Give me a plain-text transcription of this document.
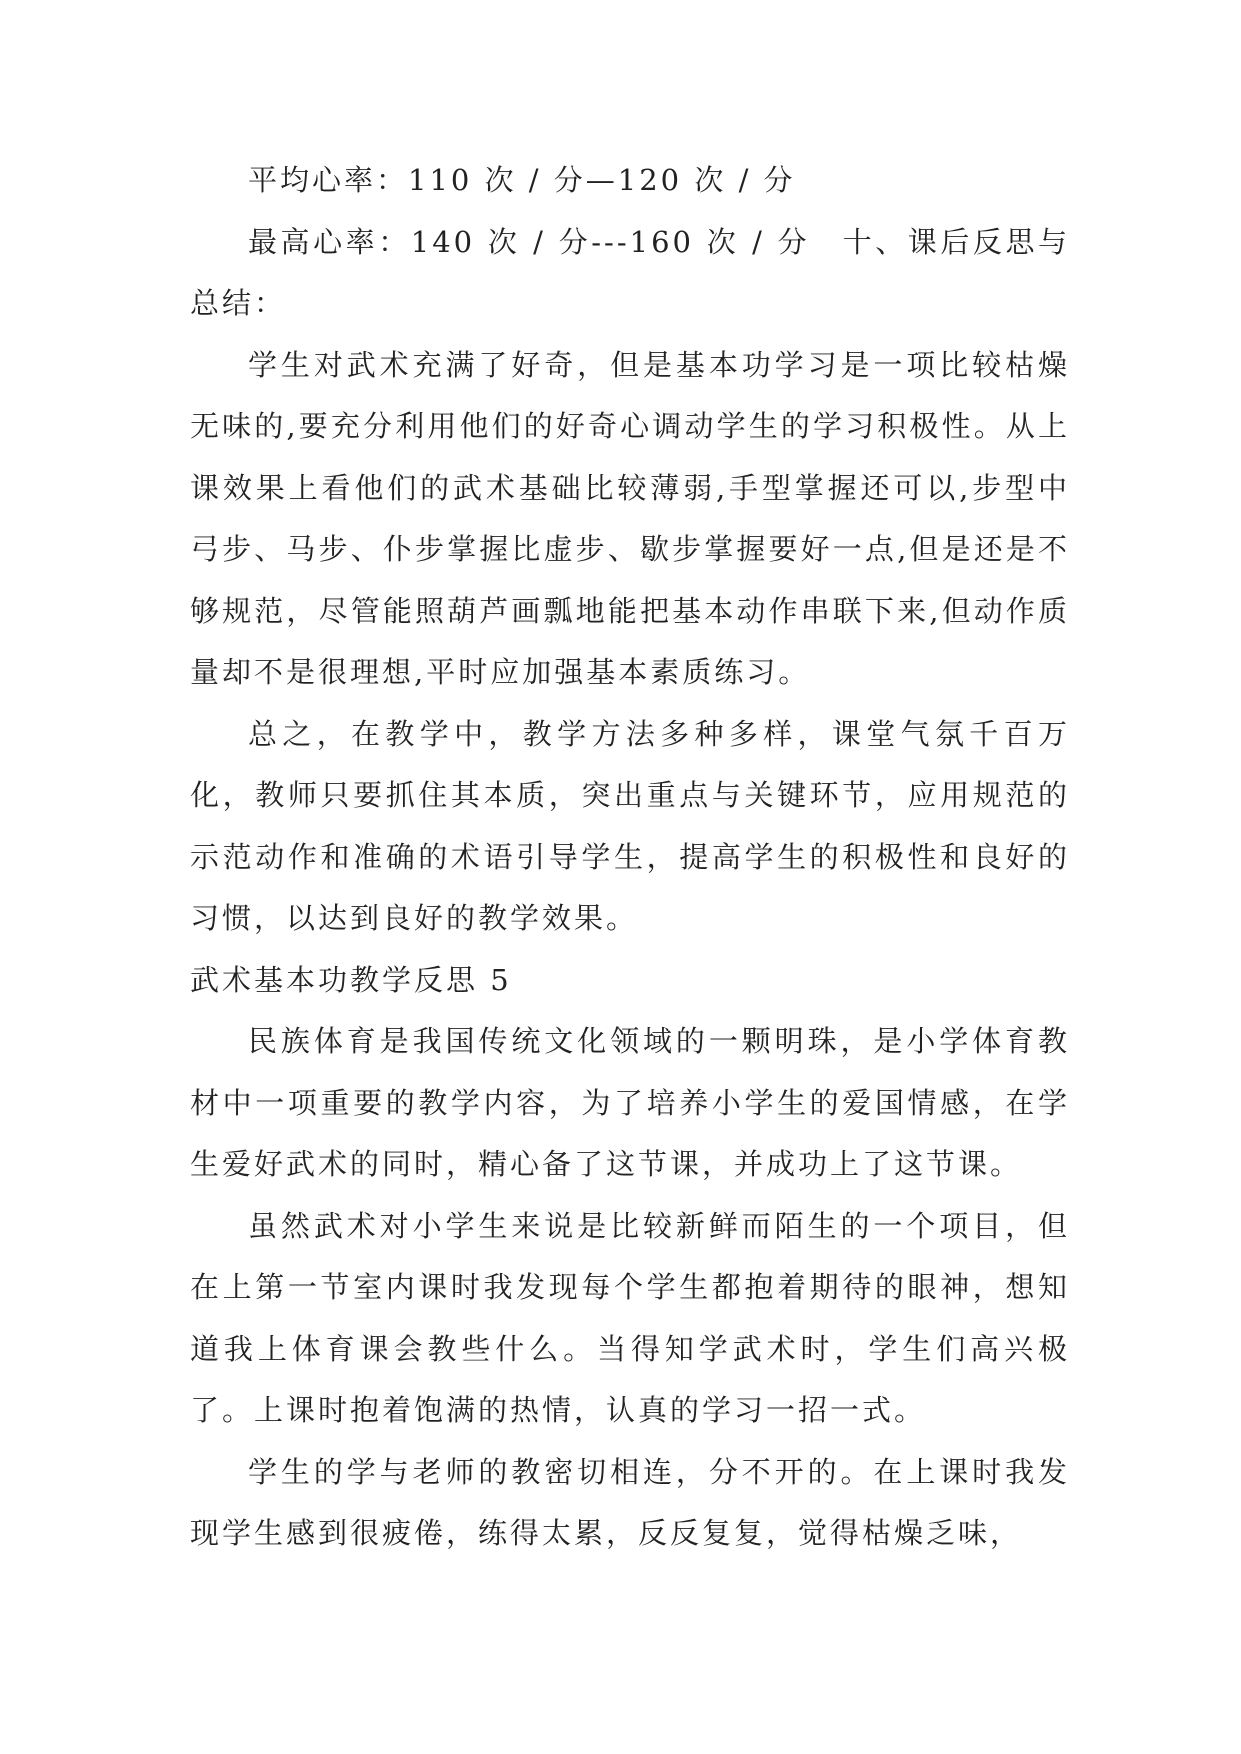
平均心率：110 次 / 分—120 次 / 分

最高心率：140 次 / 分---160 次 / 分　十、课后反思与总结：

学生对武术充满了好奇，但是基本功学习是一项比较枯燥无味的,要充分利用他们的好奇心调动学生的学习积极性。从上课效果上看他们的武术基础比较薄弱,手型掌握还可以,步型中弓步、马步、仆步掌握比虚步、歇步掌握要好一点,但是还是不够规范，尽管能照葫芦画瓢地能把基本动作串联下来,但动作质量却不是很理想,平时应加强基本素质练习。

总之，在教学中，教学方法多种多样，课堂气氛千百万化，教师只要抓住其本质，突出重点与关键环节，应用规范的示范动作和准确的术语引导学生，提高学生的积极性和良好的习惯，以达到良好的教学效果。

武术基本功教学反思 5

民族体育是我国传统文化领域的一颗明珠，是小学体育教材中一项重要的教学内容，为了培养小学生的爱国情感，在学生爱好武术的同时，精心备了这节课，并成功上了这节课。

虽然武术对小学生来说是比较新鲜而陌生的一个项目，但在上第一节室内课时我发现每个学生都抱着期待的眼神，想知道我上体育课会教些什么。当得知学武术时，学生们高兴极了。上课时抱着饱满的热情，认真的学习一招一式。

学生的学与老师的教密切相连，分不开的。在上课时我发现学生感到很疲倦，练得太累，反反复复，觉得枯燥乏味，
